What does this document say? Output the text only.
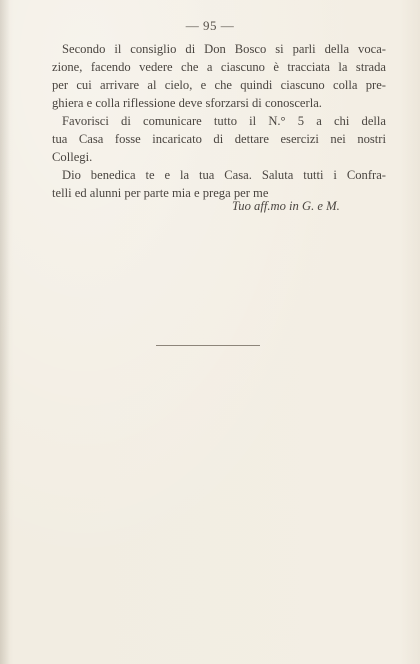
— 95 —
Secondo il consiglio di Don Bosco si parli della voca-
zione, facendo vedere che a ciascuno è tracciata la strada
per cui arrivare al cielo, e che quindi ciascuno colla pre-
ghiera e colla riflessione deve sforzarsi di conoscerla.
Favorisci di comunicare tutto il N.° 5 a chi della
tua Casa fosse incaricato di dettare esercizi nei nostri
Collegi.
Dio benedica te e la tua Casa. Saluta tutti i Confra-
telli ed alunni per parte mia e prega per me
Tuo aff.mo in G. e M.
